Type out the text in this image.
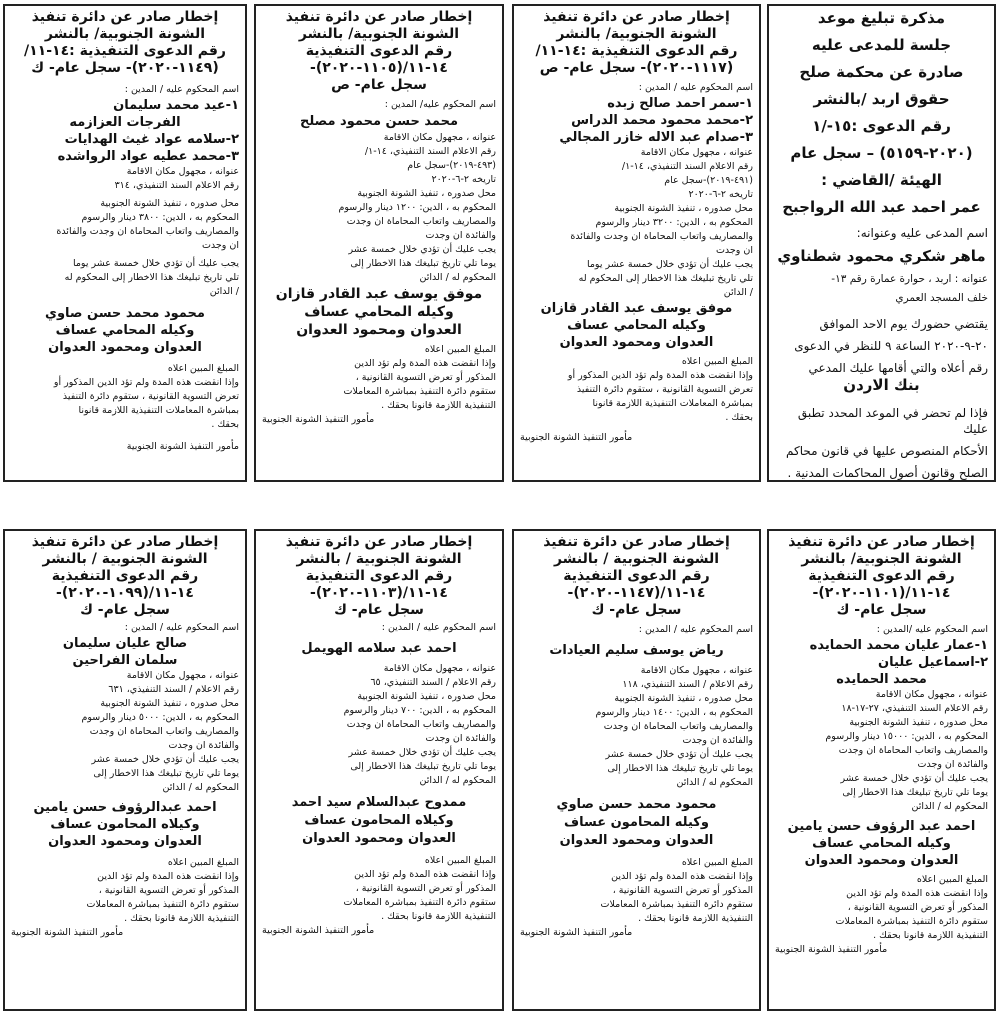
مذكرة تبليغ موعد
جلسة للمدعى عليه
صادرة عن محكمة صلح
حقوق اربد /بالنشر
رقم الدعوى :١٥-/١
(٢٠٢٠-٥١٥٩) – سجل عام
الهيئة /القاضي :
عمر احمد عبد الله الرواجبح
اسم المدعى عليه وعنوانه:
ماهر شكري محمود شطناوي
عنوانه : اربد ، حوارة عمارة رقم ١٣-
خلف المسجد العمري
يقتضي حضورك يوم الاحد الموافق
٢٠-٩-٢٠٢٠ الساعة ٩ للنظر في الدعوى
رقم أعلاه والتي أقامها عليك المدعي
بنك الاردن
فإذا لم تحضر في الموعد المحدد تطبق عليك
الأحكام المنصوص عليها في قانون محاكم
الصلح وقانون أصول المحاكمات المدنية .
إخطار صادر عن دائرة تنفيذ
الشونة الجنوبية/ بالنشر
رقم الدعوى التنفيذية :١٤-١١/
(١١١٧-٢٠٢٠)- سجل عام- ص
اسم المحكوم عليه / المدين :
١-سمر احمد صالح زبده
٢-محمد محمود محمد الدراس
٣-صدام عبد الاله خازر المجالي
عنوانه ، مجهول مكان الاقامة
رقم الاعلام السند التنفيذي، ١٤-١/
(٤٩١-٢٠١٩)-سجل عام
تاريخه ٢-٦-٢٠٢٠
محل صدوره ، تنفيذ الشونة الجنوبية
المحكوم به ، الدين: ٣٢٠٠ دينار والرسوم
والمصاريف واتعاب المحاماة ان وجدت والفائدة
ان وجدت
يجب عليك أن تؤدي خلال خمسة عشر يوما
تلي تاريخ تبليغك هذا الاخطار إلى المحكوم له
/ الدائن
موفق يوسف عبد القادر قازان
وكيله المحامي عساف
العدوان ومحمود العدوان
المبلغ المبين اعلاه
وإذا انقضت هذه المدة ولم تؤد الدين المذكور أو
تعرض التسوية القانونية ، ستقوم دائرة التنفيذ
بمباشرة المعاملات التنفيذية اللازمة قانونا
بحقك .
مأمور التنفيذ الشونة الجنوبية
إخطار صادر عن دائرة تنفيذ
الشونة الجنوبية/ بالنشر
رقم الدعوى التنفيذية
١٤-١١/(١١٠٥-٢٠٢٠)-
سجل عام- ص
اسم المحكوم عليه/ المدين :
محمد حسن محمود مصلح
عنوانه ، مجهول مكان الاقامة
رقم الاعلام السند التنفيذي، ١٤-١/
(٤٩٣-٢٠١٩)-سجل عام
تاريخه ٢-٦-٢٠٢٠
محل صدوره ، تنفيذ الشونة الجنوبية
المحكوم به ، الدين: ١٢٠٠ دينار والرسوم
والمصاريف واتعاب المحاماة ان وجدت
والفائدة ان وجدت
يجب عليك أن تؤدي خلال خمسة عشر
يوما تلي تاريخ تبليغك هذا الاخطار إلى
المحكوم له / الدائن
موفق يوسف عبد القادر قازان
وكيله المحامي عساف
العدوان ومحمود العدوان
المبلغ المبين اعلاه
وإذا انقضت هذه المدة ولم تؤد الدين
المذكور أو تعرض التسوية القانونية ،
ستقوم دائرة التنفيذ بمباشرة المعاملات
التنفيذية اللازمة قانونا بحقك .
مأمور التنفيذ الشونة الجنوبية
إخطار صادر عن دائرة تنفيذ
الشونة الجنوبية/ بالنشر
رقم الدعوى التنفيذية :١٤-١١/
(١١٤٩-٢٠٢٠)- سجل عام- ك
اسم المحكوم عليه / المدين :
١-عيد محمد سليمان
الفرجات العزازمه
٢-سلامه عواد غيث الهدايات
٣-محمد عطيه عواد الرواشده
عنوانه ، مجهول مكان الاقامة
رقم الاعلام السند التنفيذي، ٣١٤
محل صدوره ، تنفيذ الشونة الجنوبية
المحكوم به ، الدين: ٣٨٠٠ دينار والرسوم
والمصاريف واتعاب المحاماة ان وجدت والفائدة
ان وجدت
يجب عليك أن تؤدي خلال خمسة عشر يوما
تلي تاريخ تبليغك هذا الاخطار إلى المحكوم له
/ الدائن
محمود محمد حسن صاوي
وكيله المحامي عساف
العدوان ومحمود العدوان
المبلغ المبين اعلاه
وإذا انقضت هذه المدة ولم تؤد الدين المذكور أو
تعرض التسوية القانونية ، ستقوم دائرة التنفيذ
بمباشرة المعاملات التنفيذية اللازمة قانونا
بحقك .
مأمور التنفيذ الشونة الجنوبية
إخطار صادر عن دائرة تنفيذ
الشونة الجنوبية/ بالنشر
رقم الدعوى التنفيذية
١٤-١١/(١١٠١-٢٠٢٠)-
سجل عام- ك
اسم المحكوم عليه /المدين :
١-عمار عليان محمد الحمايده
٢-اسماعيل عليان
محمد الحمايده
عنوانه ، مجهول مكان الاقامة
رقم الاعلام السند التنفيذي، ٢٧-١٧-١٨
محل صدوره ، تنفيذ الشونة الجنوبية
المحكوم به ، الدين: ١٥٠٠٠ دينار والرسوم
والمصاريف واتعاب المحاماة ان وجدت
والفائدة ان وجدت
يجب عليك أن تؤدي خلال خمسة عشر
يوما تلي تاريخ تبليغك هذا الاخطار إلى
المحكوم له / الدائن
احمد عبد الرؤوف حسن يامين
وكيله المحامي عساف
العدوان ومحمود العدوان
المبلغ المبين اعلاه
وإذا انقضت هذه المدة ولم تؤد الدين
المذكور أو تعرض التسوية القانونية ،
ستقوم دائرة التنفيذ بمباشرة المعاملات
التنفيذية اللازمة قانونا بحقك .
مأمور التنفيذ الشونة الجنوبية
إخطار صادر عن دائرة تنفيذ
الشونة الجنوبية / بالنشر
رقم الدعوى التنفيذية
١٤-١١/(١١٤٧-٢٠٢٠)-
سجل عام- ك
اسم المحكوم عليه / المدين :
رياض يوسف سليم العيادات
عنوانه ، مجهول مكان الاقامة
رقم الاعلام / السند التنفيذي، ١١٨
محل صدوره ، تنفيذ الشونة الجنوبية
المحكوم به ، الدين: ١٤٠٠ دينار والرسوم
والمصاريف واتعاب المحاماة ان وجدت
والفائدة ان وجدت
يجب عليك أن تؤدي خلال خمسة عشر
يوما تلي تاريخ تبليغك هذا الاخطار إلى
المحكوم له / الدائن
محمود محمد حسن صاوي
وكيله المحامون عساف
العدوان ومحمود العدوان
المبلغ المبين اعلاه
وإذا انقضت هذه المدة ولم تؤد الدين
المذكور أو تعرض التسوية القانونية ،
ستقوم دائرة التنفيذ بمباشرة المعاملات
التنفيذية اللازمة قانونا بحقك .
مأمور التنفيذ الشونة الجنوبية
إخطار صادر عن دائرة تنفيذ
الشونة الجنوبية / بالنشر
رقم الدعوى التنفيذية
١٤-١١/(١١٠٣-٢٠٢٠)-
سجل عام- ك
اسم المحكوم عليه / المدين :
احمد عبد سلامه الهويمل
عنوانه ، مجهول مكان الاقامة
رقم الاعلام / السند التنفيذي، ٦٥
محل صدوره ، تنفيذ الشونة الجنوبية
المحكوم به ، الدين: ٧٠٠ دينار والرسوم
والمصاريف واتعاب المحاماة ان وجدت
والفائدة ان وجدت
يجب عليك أن تؤدي خلال خمسة عشر
يوما تلي تاريخ تبليغك هذا الاخطار إلى
المحكوم له / الدائن
ممدوح عبدالسلام سيد احمد
وكيلاه المحامون عساف
العدوان ومحمود العدوان
المبلغ المبين اعلاه
وإذا انقضت هذه المدة ولم تؤد الدين
المذكور أو تعرض التسوية القانونية ،
ستقوم دائرة التنفيذ بمباشرة المعاملات
التنفيذية اللازمة قانونا بحقك .
مأمور التنفيذ الشونة الجنوبية
إخطار صادر عن دائرة تنفيذ
الشونة الجنوبية / بالنشر
رقم الدعوى التنفيذية
١٤-١١/(١٠٩٩-٢٠٢٠)-
سجل عام- ك
اسم المحكوم عليه / المدين :
صالح عليان سليمان
سلمان الفراحين
عنوانه ، مجهول مكان الاقامة
رقم الاعلام / السند التنفيذي، ٦٣١
محل صدوره ، تنفيذ الشونة الجنوبية
المحكوم به ، الدين: ٥٠٠٠ دينار والرسوم
والمصاريف واتعاب المحاماة ان وجدت
والفائدة ان وجدت
يجب عليك أن تؤدي خلال خمسة عشر
يوما تلي تاريخ تبليغك هذا الاخطار إلى
المحكوم له / الدائن
احمد عبدالرؤوف حسن يامين
وكيلاه المحامون عساف
العدوان ومحمود العدوان
المبلغ المبين اعلاه
وإذا انقضت هذه المدة ولم تؤد الدين
المذكور أو تعرض التسوية القانونية ،
ستقوم دائرة التنفيذ بمباشرة المعاملات
التنفيذية اللازمة قانونا بحقك .
مأمور التنفيذ الشونة الجنوبية
